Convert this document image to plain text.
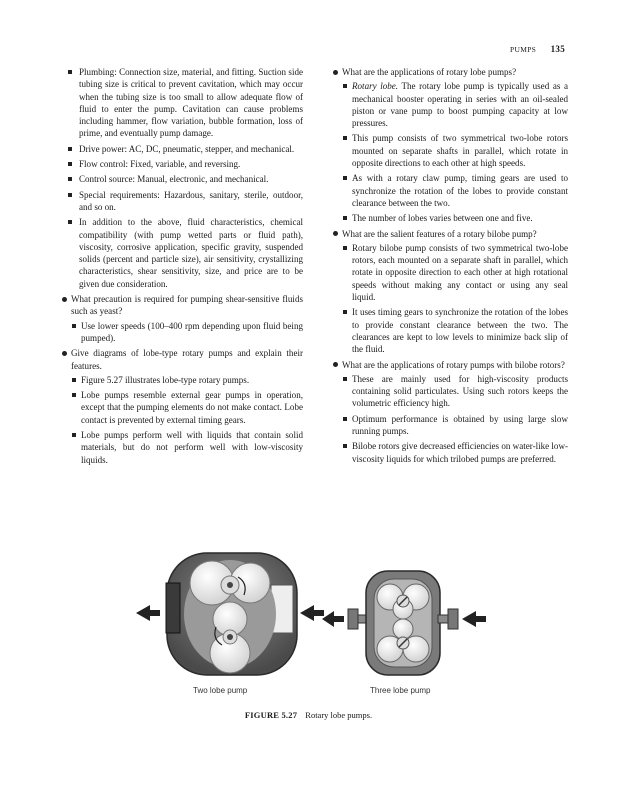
PUMPS 135
Plumbing: Connection size, material, and fitting. Suction side tubing size is critical to prevent cavitation, which may occur when the tubing size is too small to allow adequate flow of fluid to enter the pump. Cavitation can cause problems including hammer, flow variation, bubble formation, loss of prime, and eventually pump damage.
Drive power: AC, DC, pneumatic, stepper, and mechanical.
Flow control: Fixed, variable, and reversing.
Control source: Manual, electronic, and mechanical.
Special requirements: Hazardous, sanitary, sterile, outdoor, and so on.
In addition to the above, fluid characteristics, chemical compatibility (with pump wetted parts or fluid path), viscosity, corrosive application, specific gravity, suspended solids (percent and particle size), air sensitivity, crystallizing characteristics, shear sensitivity, size, and price are to be given due consideration.
What precaution is required for pumping shear-sensitive fluids such as yeast?
Use lower speeds (100–400 rpm depending upon fluid being pumped).
Give diagrams of lobe-type rotary pumps and explain their features.
Figure 5.27 illustrates lobe-type rotary pumps.
Lobe pumps resemble external gear pumps in operation, except that the pumping elements do not make contact. Lobe contact is prevented by external timing gears.
Lobe pumps perform well with liquids that contain solid materials, but do not perform well with low-viscosity liquids.
What are the applications of rotary lobe pumps?
Rotary lobe. The rotary lobe pump is typically used as a mechanical booster operating in series with an oil-sealed piston or vane pump to boost pumping capacity at low pressures.
This pump consists of two symmetrical two-lobe rotors mounted on separate shafts in parallel, which rotate in opposite directions to each other at high speeds.
As with a rotary claw pump, timing gears are used to synchronize the rotation of the lobes to provide constant clearance between the two.
The number of lobes varies between one and five.
What are the salient features of a rotary bilobe pump?
Rotary bilobe pump consists of two symmetrical two-lobe rotors, each mounted on a separate shaft in parallel, which rotate in opposite direction to each other at high rotational speeds without making any contact or using any seal liquid.
It uses timing gears to synchronize the rotation of the lobes to provide constant clearance between the two. The clearances are kept to low levels to minimize back slip of the fluid.
What are the applications of rotary pumps with bilobe rotors?
These are mainly used for high-viscosity products containing solid particulates. Using such rotors keeps the volumetric efficiency high.
Optimum performance is obtained by using large slow running pumps.
Bilobe rotors give decreased efficiencies on water-like low-viscosity liquids for which trilobed pumps are preferred.
Two lobe pump	Three lobe pump
FIGURE 5.27 Rotary lobe pumps.
